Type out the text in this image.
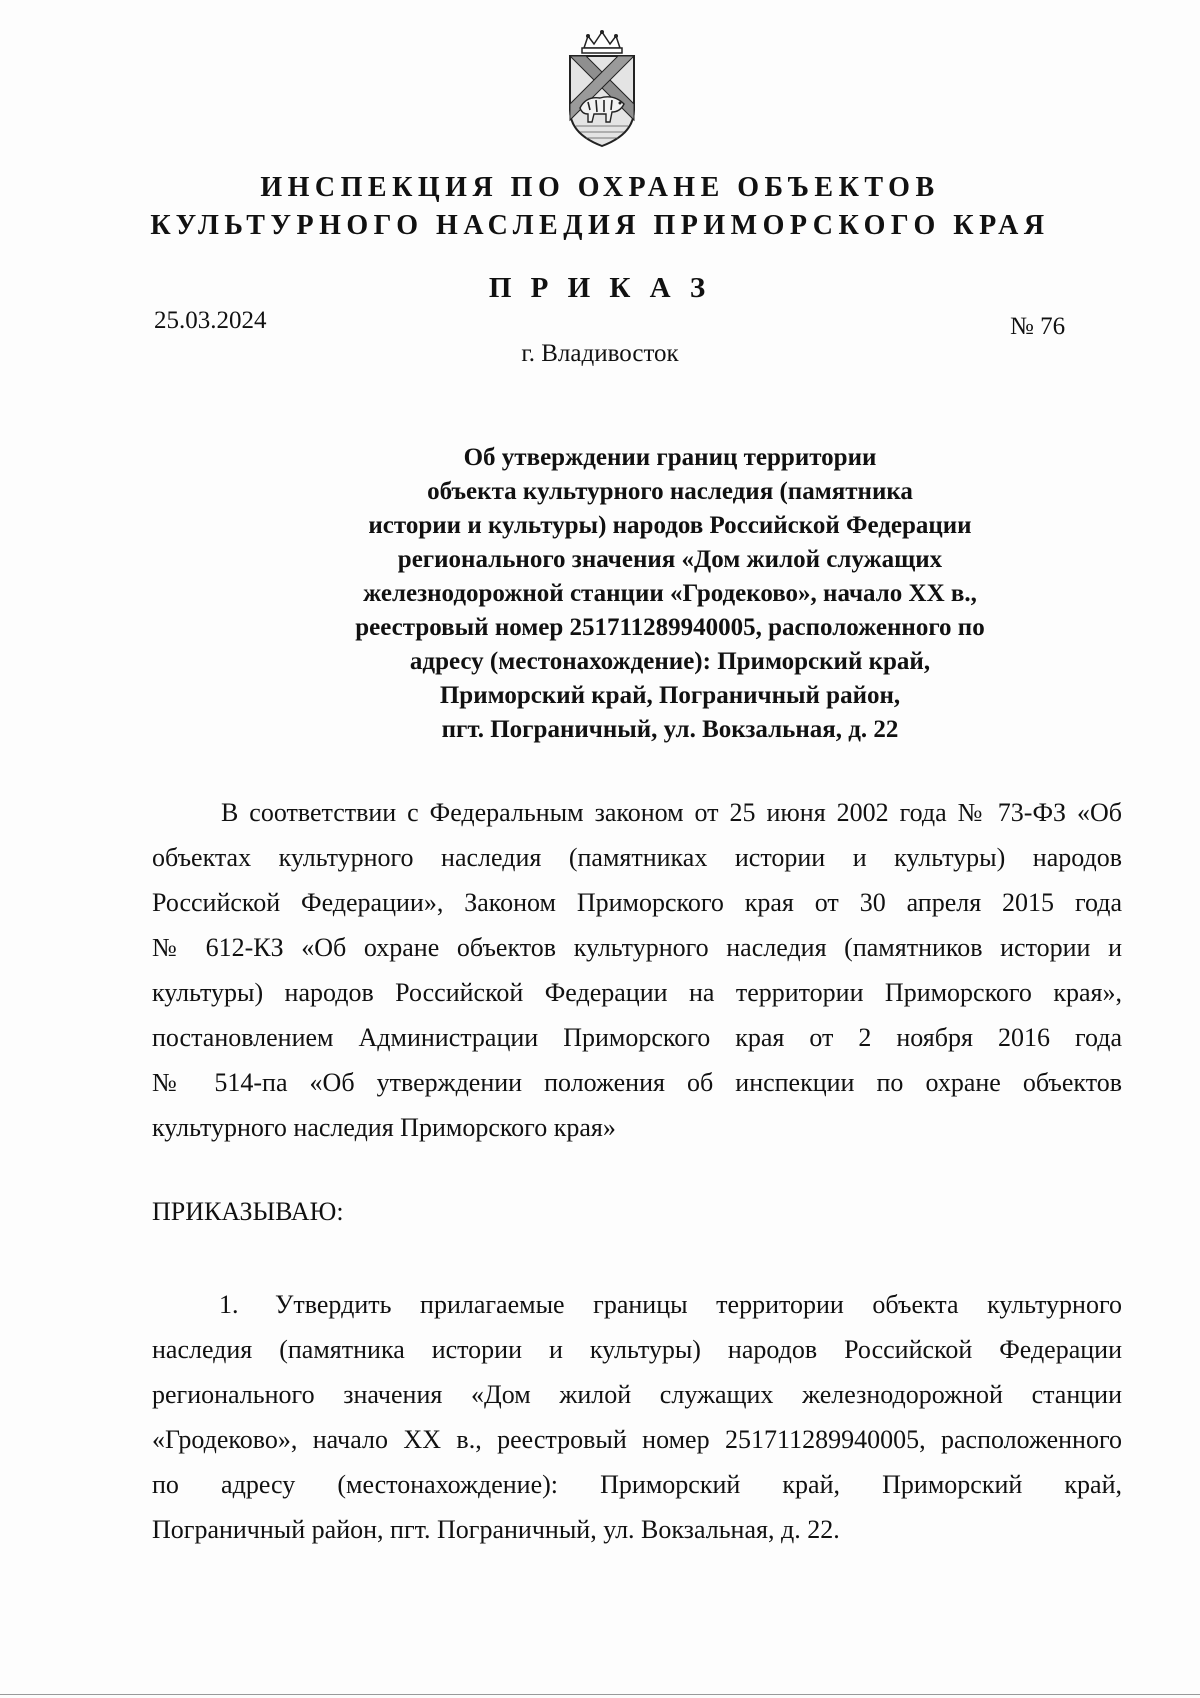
ИНСПЕКЦИЯ ПО ОХРАНЕ ОБЪЕКТОВ
КУЛЬТУРНОГО НАСЛЕДИЯ ПРИМОРСКОГО КРАЯ
П Р И К А З
25.03.2024	№ 76
г. Владивосток
Об утверждении границ территории
объекта культурного наследия (памятника
истории и культуры) народов Российской Федерации
регионального значения «Дом жилой служащих
железнодорожной станции «Гродеково», начало XX в.,
реестровый номер 251711289940005, расположенного по
адресу (местонахождение): Приморский край,
Приморский край, Пограничный район,
пгт. Пограничный, ул. Вокзальная, д. 22
В соответствии с Федеральным законом от 25 июня 2002 года № 73-ФЗ «Об
объектах культурного наследия (памятниках истории и культуры) народов
Российской Федерации», Законом Приморского края от 30 апреля 2015 года
№ 612-КЗ «Об охране объектов культурного наследия (памятников истории и
культуры) народов Российской Федерации на территории Приморского края»,
постановлением Администрации Приморского края от 2 ноября 2016 года
№ 514-па «Об утверждении положения об инспекции по охране объектов
культурного наследия Приморского края»
ПРИКАЗЫВАЮ:
1. Утвердить прилагаемые границы территории объекта культурного
наследия (памятника истории и культуры) народов Российской Федерации
регионального значения «Дом жилой служащих железнодорожной станции
«Гродеково», начало XX в., реестровый номер 251711289940005, расположенного
по адресу (местонахождение): Приморский край, Приморский край,
Пограничный район, пгт. Пограничный, ул. Вокзальная, д. 22.
